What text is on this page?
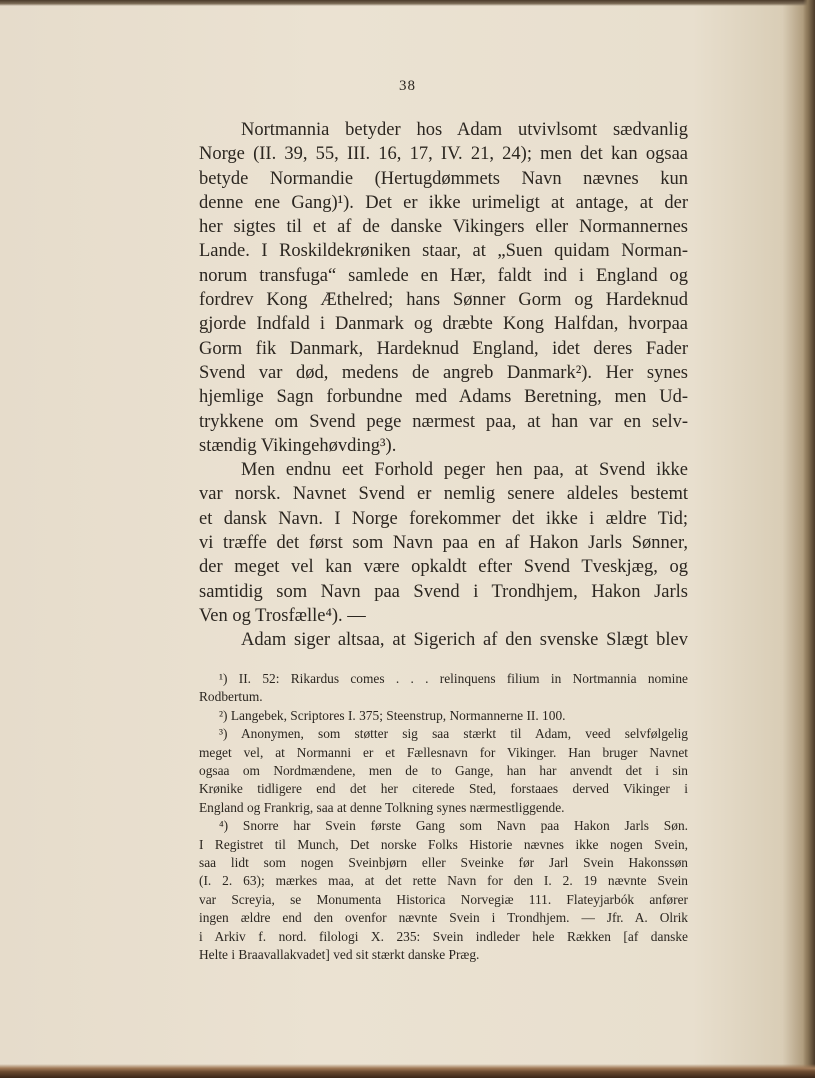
38
Nortmannia betyder hos Adam utvivlsomt sædvanlig
Norge (II. 39, 55, III. 16, 17, IV. 21, 24); men det kan ogsaa
betyde Normandie (Hertugdømmets Navn nævnes kun
denne ene Gang)¹). Det er ikke urimeligt at antage, at der
her sigtes til et af de danske Vikingers eller Normannernes
Lande. I Roskildekrøniken staar, at „Suen quidam Norman-
norum transfuga“ samlede en Hær, faldt ind i England og
fordrev Kong Æthelred; hans Sønner Gorm og Hardeknud
gjorde Indfald i Danmark og dræbte Kong Halfdan, hvorpaa
Gorm fik Danmark, Hardeknud England, idet deres Fader
Svend var død, medens de angreb Danmark²). Her synes
hjemlige Sagn forbundne med Adams Beretning, men Ud-
trykkene om Svend pege nærmest paa, at han var en selv-
stændig Vikingehøvding³).
Men endnu eet Forhold peger hen paa, at Svend ikke
var norsk. Navnet Svend er nemlig senere aldeles bestemt
et dansk Navn. I Norge forekommer det ikke i ældre Tid;
vi træffe det først som Navn paa en af Hakon Jarls Sønner,
der meget vel kan være opkaldt efter Svend Tveskjæg, og
samtidig som Navn paa Svend i Trondhjem, Hakon Jarls
Ven og Trosfælle⁴). —
Adam siger altsaa, at Sigerich af den svenske Slægt blev
¹) II. 52: Rikardus comes . . . relinquens filium in Nortmannia nomine
Rodbertum.
²) Langebek, Scriptores I. 375; Steenstrup, Normannerne II. 100.
³) Anonymen, som støtter sig saa stærkt til Adam, veed selvfølgelig
meget vel, at Normanni er et Fællesnavn for Vikinger. Han bruger Navnet
ogsaa om Nordmændene, men de to Gange, han har anvendt det i sin
Krønike tidligere end det her citerede Sted, forstaaes derved Vikinger i
England og Frankrig, saa at denne Tolkning synes nærmestliggende.
⁴) Snorre har Svein første Gang som Navn paa Hakon Jarls Søn.
I Registret til Munch, Det norske Folks Historie nævnes ikke nogen Svein,
saa lidt som nogen Sveinbjørn eller Sveinke før Jarl Svein Hakonssøn
(I. 2. 63); mærkes maa, at det rette Navn for den I. 2. 19 nævnte Svein
var Screyia, se Monumenta Historica Norvegiæ 111. Flateyjarbók anfører
ingen ældre end den ovenfor nævnte Svein i Trondhjem. — Jfr. A. Olrik
i Arkiv f. nord. filologi X. 235: Svein indleder hele Rækken [af danske
Helte i Braavallakvadet] ved sit stærkt danske Præg.
